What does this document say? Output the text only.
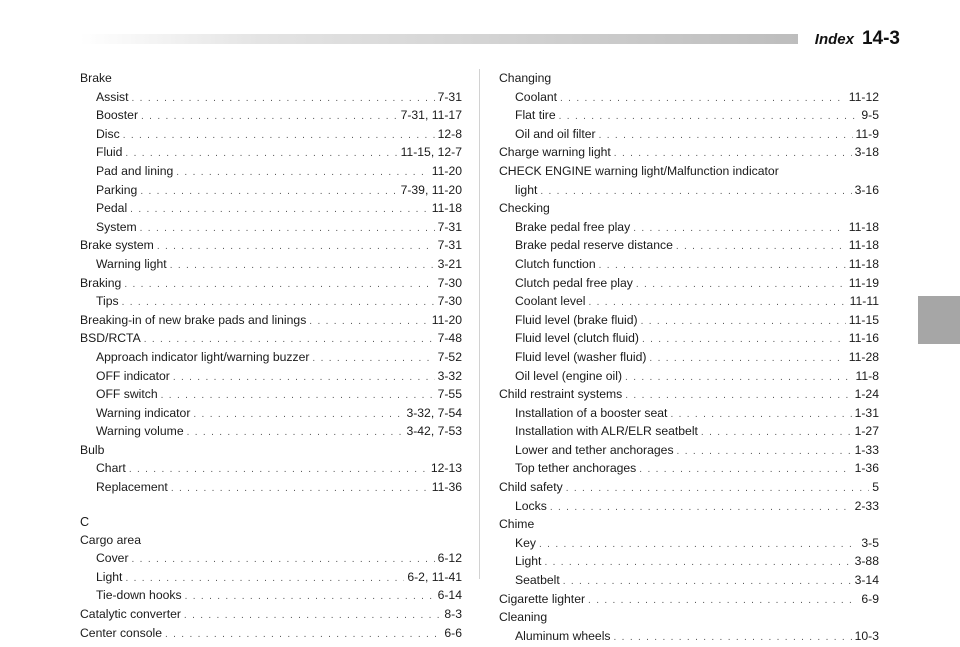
Index 14-3
Brake
Assist . . .	7-31
Booster . . .	7-31, 11-17
Disc . . .	12-8
Fluid . . .	11-15, 12-7
Pad and lining . . .	11-20
Parking . . .	7-39, 11-20
Pedal . . .	11-18
System . . .	7-31
Brake system . . .	7-31
Warning light . . .	3-21
Braking . . .	7-30
Tips . . .	7-30
Breaking-in of new brake pads and linings . . .	11-20
BSD/RCTA . . .	7-48
Approach indicator light/warning buzzer . . .	7-52
OFF indicator . . .	3-32
OFF switch . . .	7-55
Warning indicator . . .	3-32, 7-54
Warning volume . . .	3-42, 7-53
Bulb
Chart . . .	12-13
Replacement . . .	11-36
C
Cargo area
Cover . . .	6-12
Light . . .	6-2, 11-41
Tie-down hooks . . .	6-14
Catalytic converter . . .	8-3
Center console . . .	6-6
Changing
Coolant . . .	11-12
Flat tire . . .	9-5
Oil and oil filter . . .	11-9
Charge warning light . . .	3-18
CHECK ENGINE warning light/Malfunction indicator
light . . .	3-16
Checking
Brake pedal free play . . .	11-18
Brake pedal reserve distance . . .	11-18
Clutch function . . .	11-18
Clutch pedal free play . . .	11-19
Coolant level . . .	11-11
Fluid level (brake fluid) . . .	11-15
Fluid level (clutch fluid) . . .	11-16
Fluid level (washer fluid) . . .	11-28
Oil level (engine oil) . . .	11-8
Child restraint systems . . .	1-24
Installation of a booster seat . . .	1-31
Installation with ALR/ELR seatbelt . . .	1-27
Lower and tether anchorages . . .	1-33
Top tether anchorages . . .	1-36
Child safety . . .	5
Locks . . .	2-33
Chime
Key . . .	3-5
Light . . .	3-88
Seatbelt . . .	3-14
Cigarette lighter . . .	6-9
Cleaning
Aluminum wheels . . .	10-3
